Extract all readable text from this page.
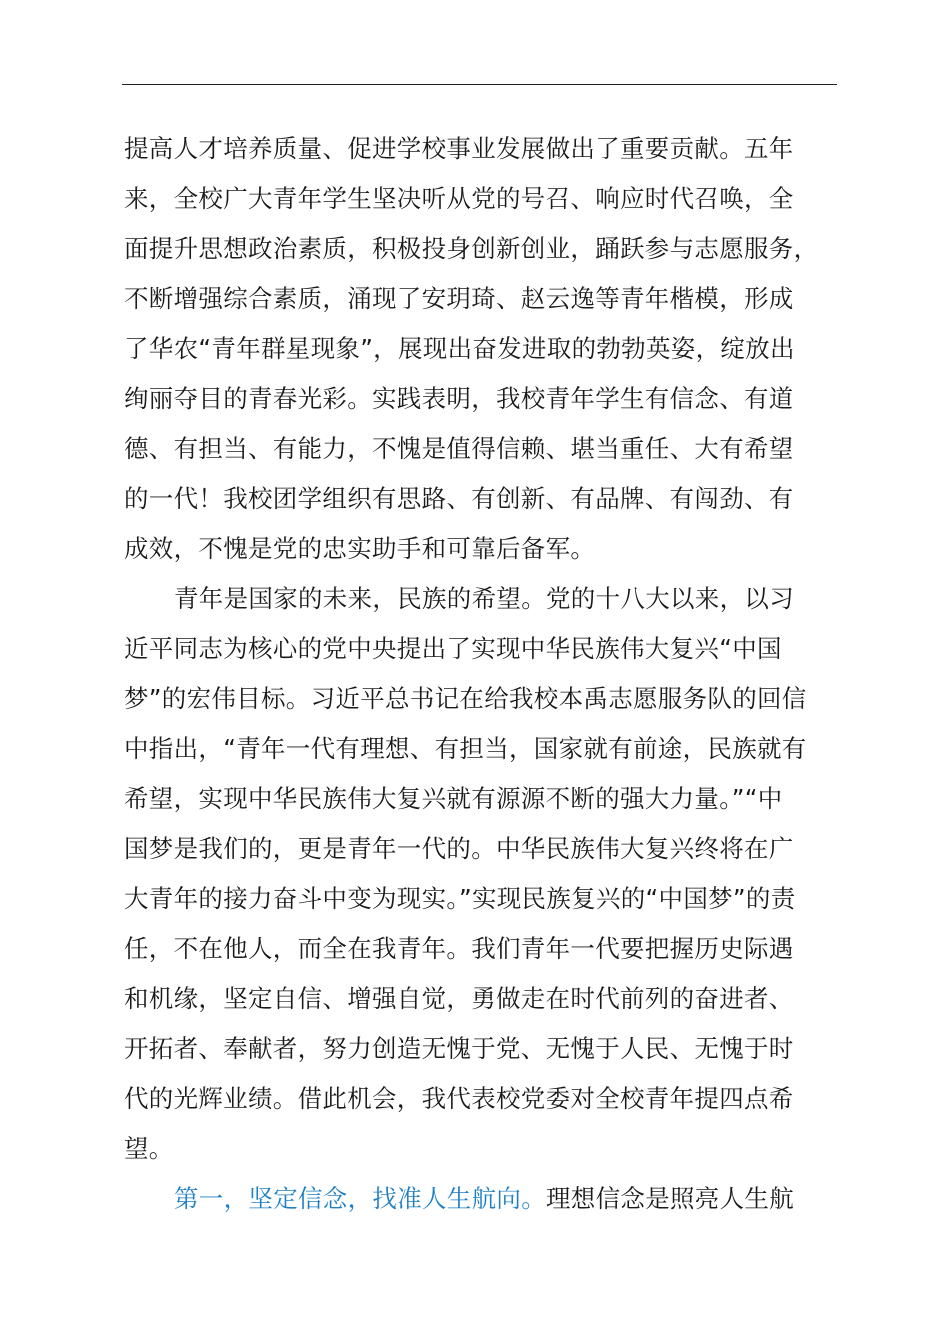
提高人才培养质量、促进学校事业发展做出了重要贡献。五年
来，全校广大青年学生坚决听从党的号召、响应时代召唤，全
面提升思想政治素质，积极投身创新创业，踊跃参与志愿服务，
不断增强综合素质，涌现了安玥琦、赵云逸等青年楷模，形成
了华农“青年群星现象”，展现出奋发进取的勃勃英姿，绽放出
绚丽夺目的青春光彩。实践表明，我校青年学生有信念、有道
德、有担当、有能力，不愧是值得信赖、堪当重任、大有希望
的一代！我校团学组织有思路、有创新、有品牌、有闯劲、有
成效，不愧是党的忠实助手和可靠后备军。
青年是国家的未来，民族的希望。党的十八大以来，以习
近平同志为核心的党中央提出了实现中华民族伟大复兴“中国
梦”的宏伟目标。习近平总书记在给我校本禹志愿服务队的回信
中指出，“青年一代有理想、有担当，国家就有前途，民族就有
希望，实现中华民族伟大复兴就有源源不断的强大力量。”“中
国梦是我们的，更是青年一代的。中华民族伟大复兴终将在广
大青年的接力奋斗中变为现实。”实现民族复兴的“中国梦”的责
任，不在他人，而全在我青年。我们青年一代要把握历史际遇
和机缘，坚定自信、增强自觉，勇做走在时代前列的奋进者、
开拓者、奉献者，努力创造无愧于党、无愧于人民、无愧于时
代的光辉业绩。借此机会，我代表校党委对全校青年提四点希
望。
第一，坚定信念，找准人生航向。理想信念是照亮人生航
